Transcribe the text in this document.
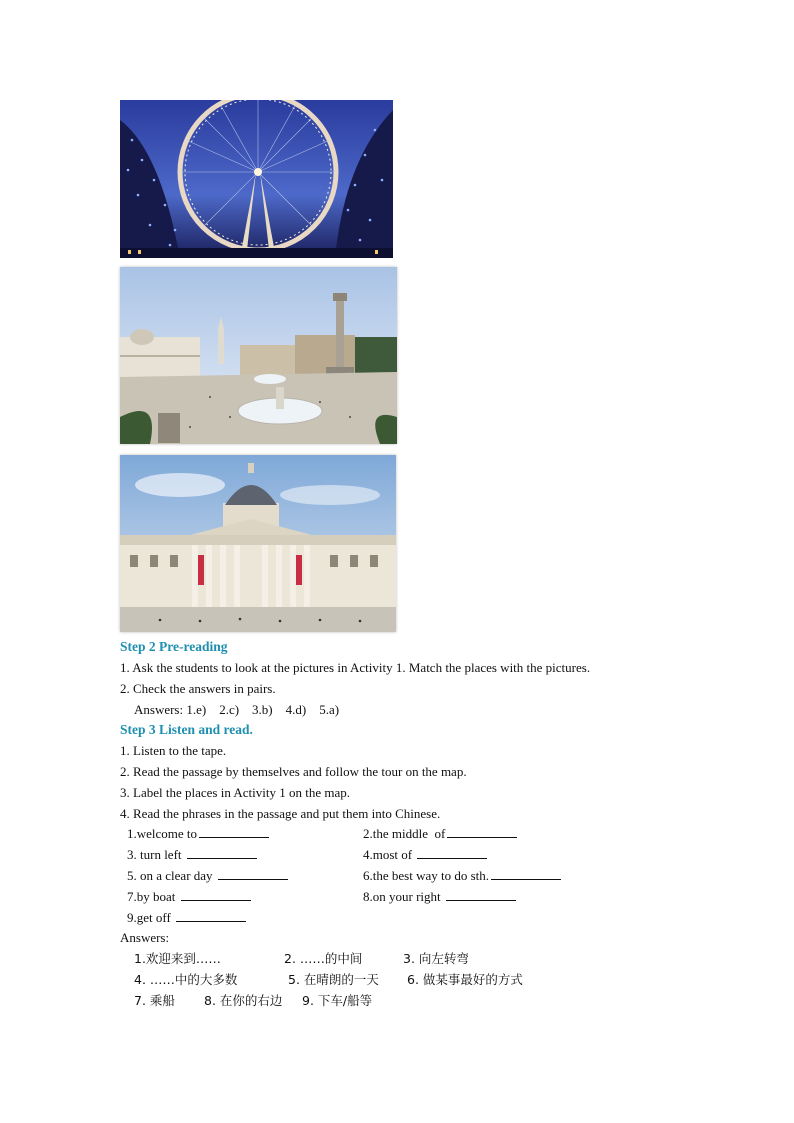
Step 2 Pre-reading
1. Ask the students to look at the pictures in Activity 1. Match the places with the pictures.
2. Check the answers in pairs.
Answers: 1.e)    2.c)    3.b)    4.d)    5.a)
Step 3 Listen and read.
1. Listen to the tape.
2. Read the passage by themselves and follow the tour on the map.
3. Label the places in Activity 1 on the map.
4. Read the phrases in the passage and put them into Chinese.
1.welcome to	2.the middle  of
3. turn left	4.most of
5. on a clear day	6.the best way to do sth.
7.by boat	8.on your right
9.get off
Answers:
1.欢迎来到……	2. ……的中间	3. 向左转弯
4. ……中的大多数	5. 在晴朗的一天 6. 做某事最好的方式
7. 乘船 8. 在你的右边 9. 下车/船等
